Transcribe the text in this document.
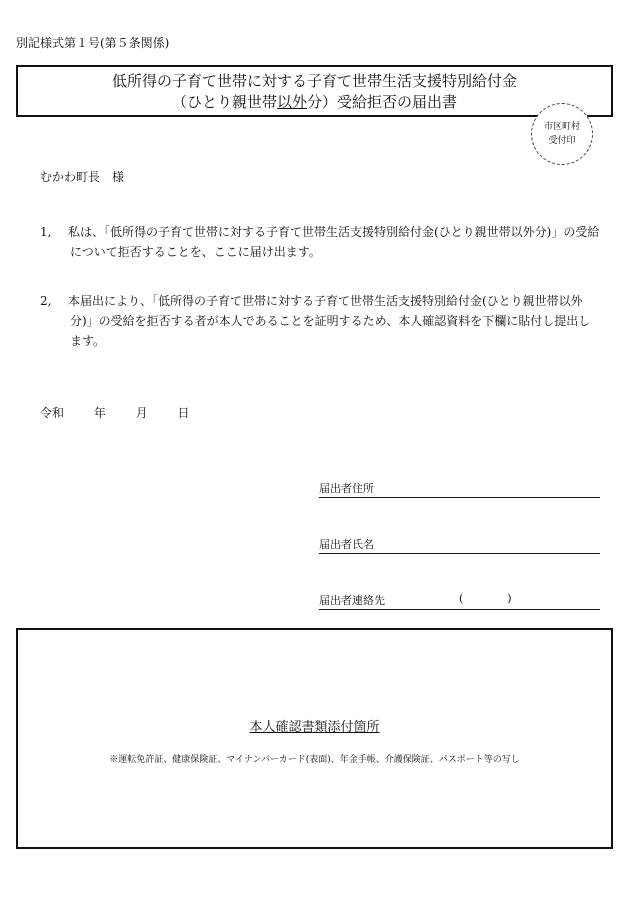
別記様式第１号(第５条関係)
低所得の子育て世帯に対する子育て世帯生活支援特別給付金
（ひとり親世帯以外分）受給拒否の届出書
市区町村
受付印
むかわ町長　様
1, 私は、「低所得の子育て世帯に対する子育て世帯生活支援特別給付金(ひとり親世帯以外分)」の受給について拒否することを、ここに届け出ます。
2, 本届出により、「低所得の子育て世帯に対する子育て世帯生活支援特別給付金(ひとり親世帯以外分)」の受給を拒否する者が本人であることを証明するため、本人確認資料を下欄に貼付し提出します。
令和 年 月 日
届出者住所
届出者氏名
届出者連絡先	(	)
本人確認書類添付箇所
※運転免許証、健康保険証、マイナンバーカード(表面)、年金手帳、介護保険証、パスポート等の写し
